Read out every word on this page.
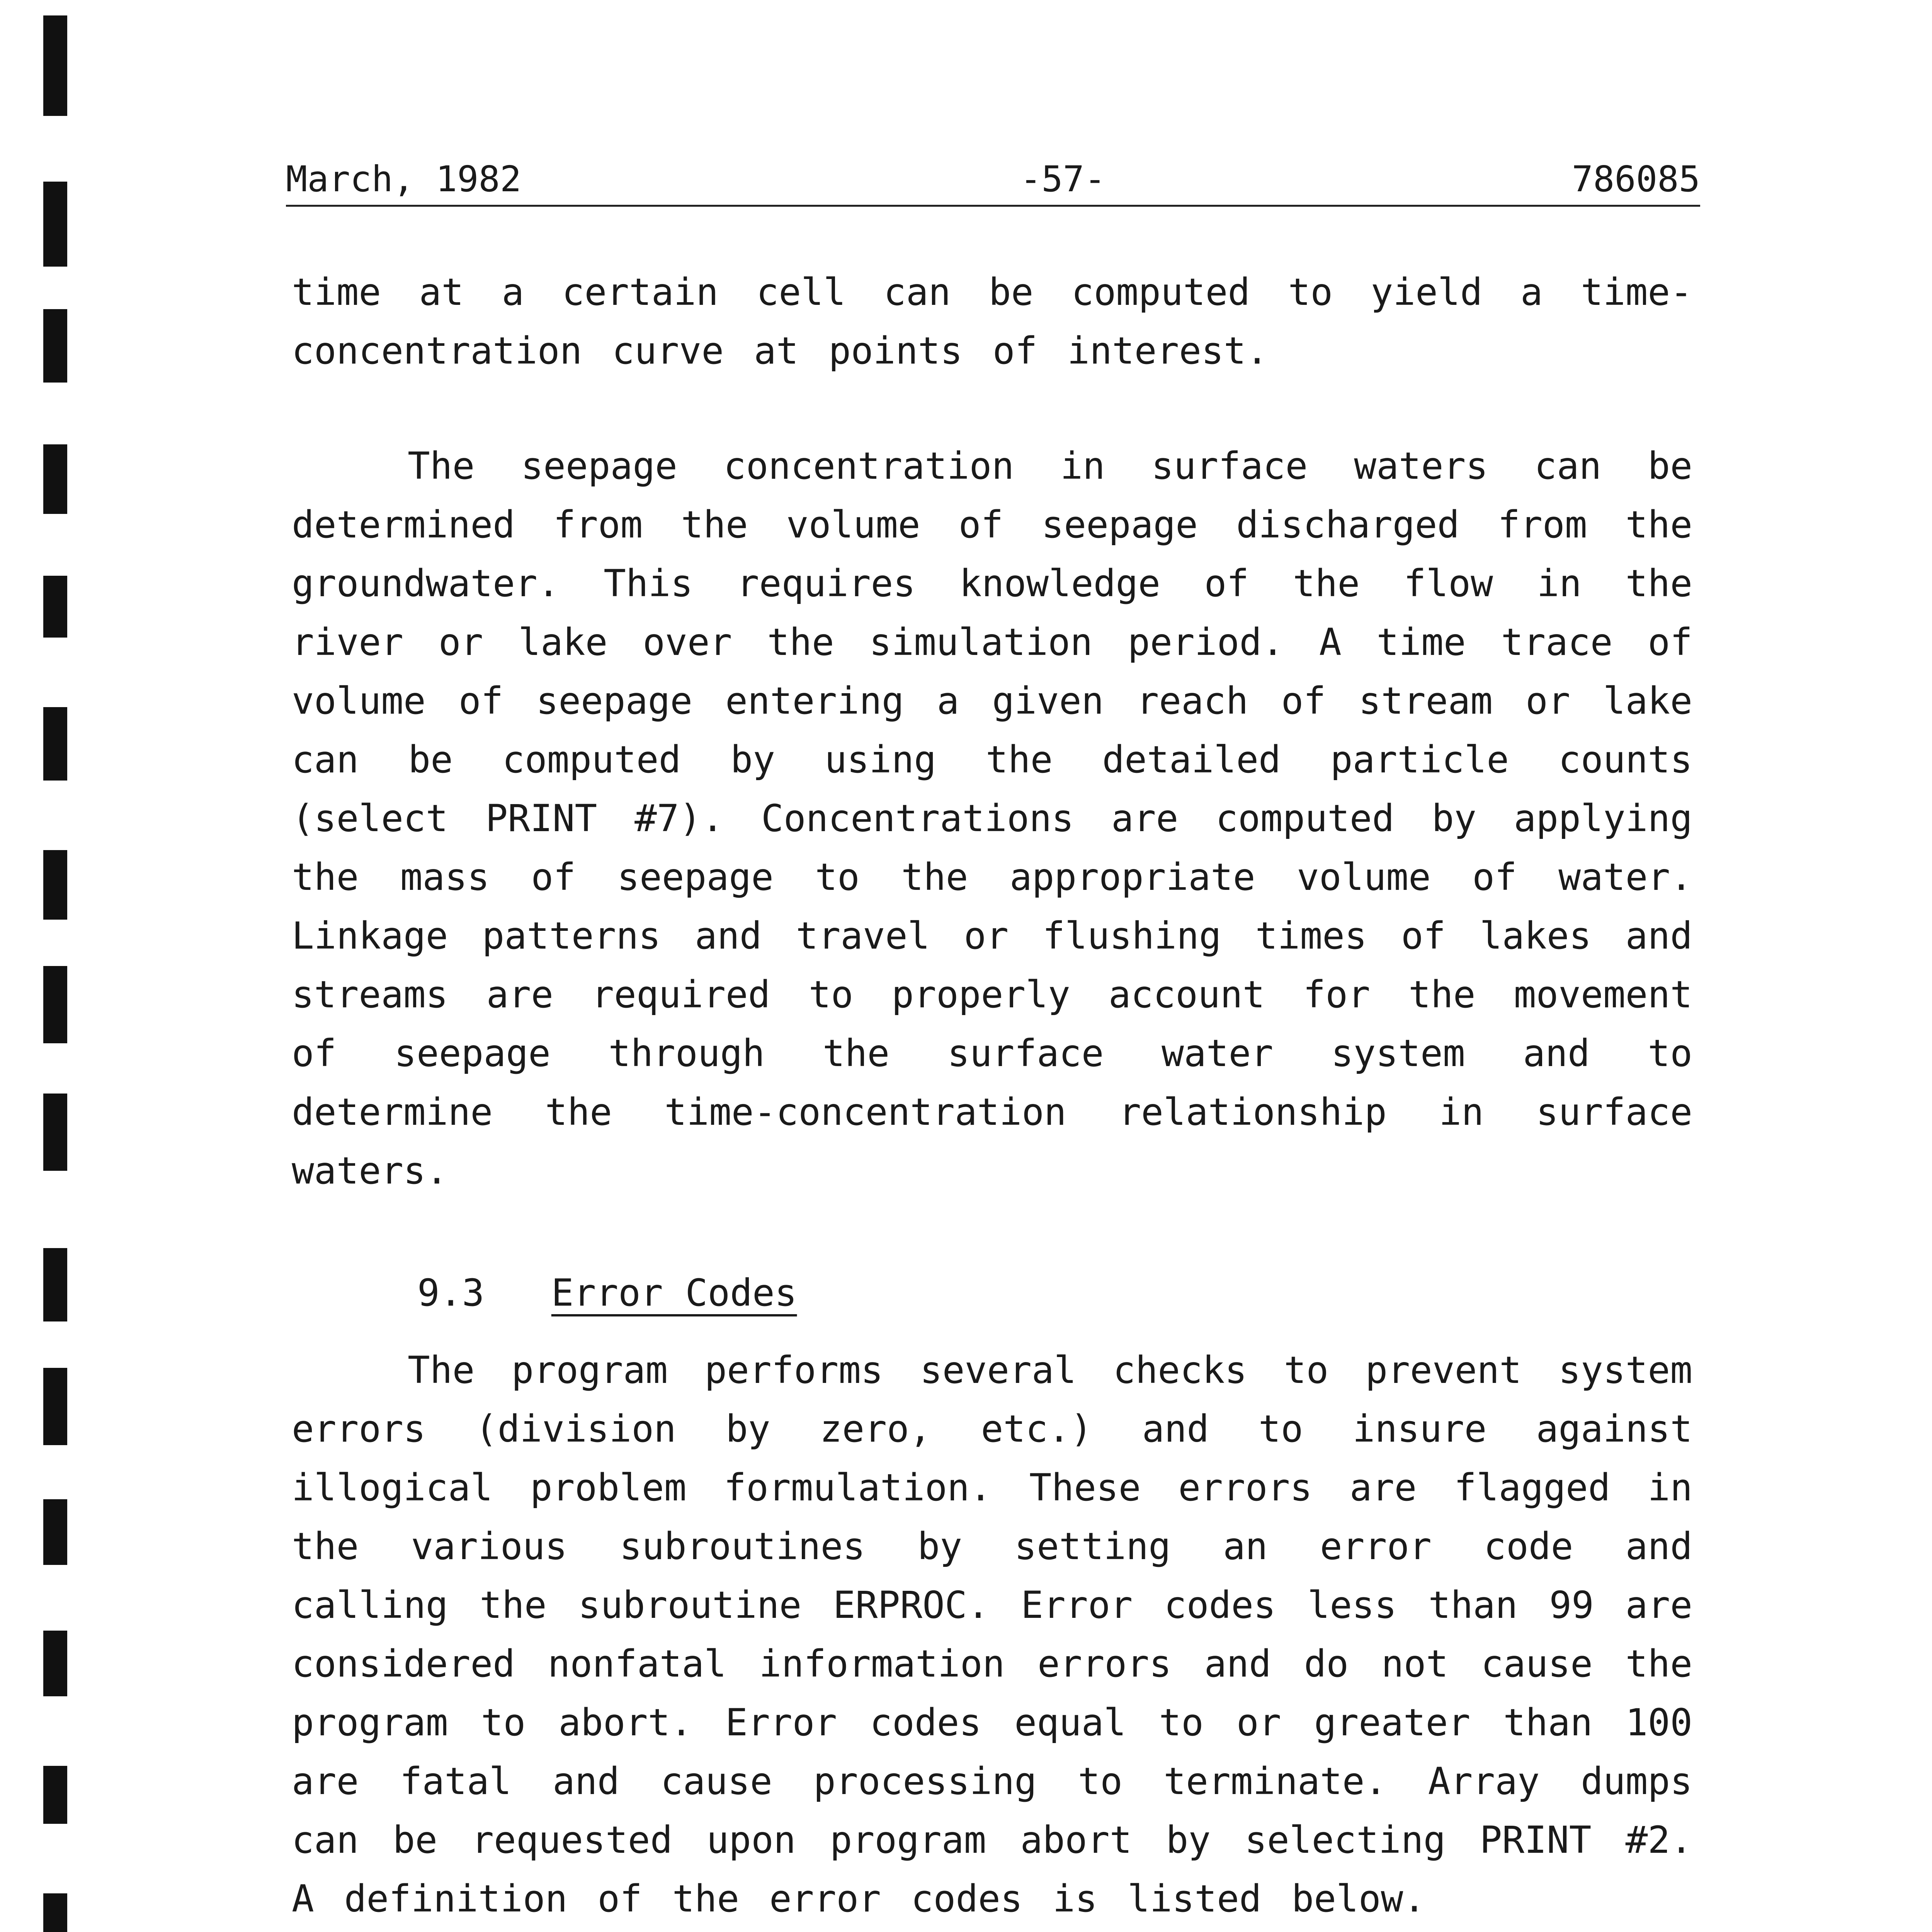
March, 1982	-57-	786085

time at a certain cell can be computed to yield a time-concentration curve at points of interest.

The seepage concentration in surface waters can be determined from the volume of seepage discharged from the groundwater. This requires knowledge of the flow in the river or lake over the simulation period. A time trace of volume of seepage entering a given reach of stream or lake can be computed by using the detailed particle counts (select PRINT #7). Concentrations are computed by applying the mass of seepage to the appropriate volume of water. Linkage patterns and travel or flushing times of lakes and streams are required to properly account for the movement of seepage through the surface water system and to determine the time-concentration relationship in surface waters.

9.3 Error Codes

The program performs several checks to prevent system errors (division by zero, etc.) and to insure against illogical problem formulation. These errors are flagged in the various subroutines by setting an error code and calling the subroutine ERPROC. Error codes less than 99 are considered nonfatal information errors and do not cause the program to abort. Error codes equal to or greater than 100 are fatal and cause processing to terminate. Array dumps can be requested upon program abort by selecting PRINT #2. A definition of the error codes is listed below.
